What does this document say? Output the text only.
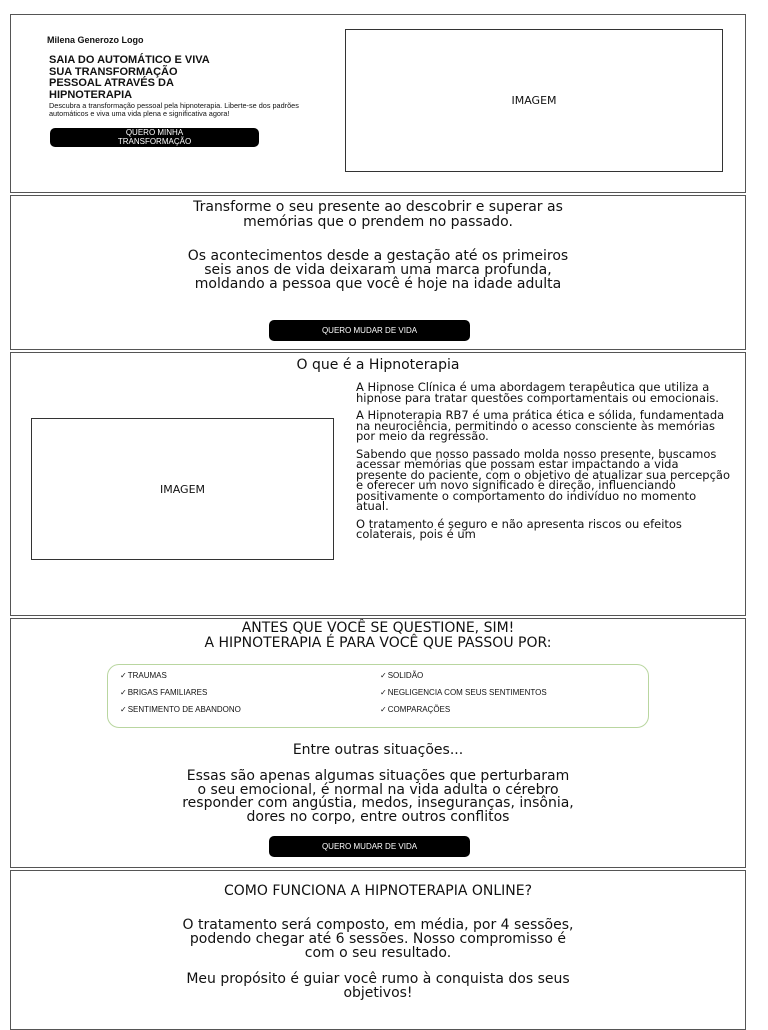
Milena Generozo Logo
SAIA DO AUTOMÁTICO E VIVA
SUA TRANSFORMAÇÃO
PESSOAL ATRAVÉS DA
HIPNOTERAPIA
Descubra a transformação pessoal pela hipnoterapia. Liberte-se dos padrões automáticos e viva uma vida plena e significativa agora!
QUERO MINHA
TRANSFORMAÇÃO
IMAGEM

Transforme o seu presente ao descobrir e superar as
memórias que o prendem no passado.

Os acontecimentos desde a gestação até os primeiros
seis anos de vida deixaram uma marca profunda,
moldando a pessoa que você é hoje na idade adulta

QUERO MUDAR DE VIDA

O que é a Hipnoterapia

IMAGEM

A Hipnose Clínica é uma abordagem terapêutica que utiliza a hipnose para tratar questões comportamentais ou emocionais.

A Hipnoterapia RB7 é uma prática ética e sólida, fundamentada na neurociência, permitindo o acesso consciente às memórias por meio da regressão.

Sabendo que nosso passado molda nosso presente, buscamos acessar memórias que possam estar impactando a vida presente do paciente, com o objetivo de atualizar sua percepção e oferecer um novo significado e direção, influenciando positivamente o comportamento do indivíduo no momento atual.

O tratamento é seguro e não apresenta riscos ou efeitos colaterais, pois é um

ANTES QUE VOCÊ SE QUESTIONE, SIM!
A HIPNOTERAPIA É PARA VOCÊ QUE PASSOU POR:

✓TRAUMAS
✓BRIGAS FAMILIARES
✓SENTIMENTO DE ABANDONO
✓SOLIDÃO
✓NEGLIGENCIA COM SEUS SENTIMENTOS
✓COMPARAÇÕES

Entre outras situações...

Essas são apenas algumas situações que perturbaram
o seu emocional, é normal na vida adulta o cérebro
responder com angústia, medos, inseguranças, insônia,
dores no corpo, entre outros conflitos

QUERO MUDAR DE VIDA

COMO FUNCIONA A HIPNOTERAPIA ONLINE?

O tratamento será composto, em média, por 4 sessões,
podendo chegar até 6 sessões. Nosso compromisso é
com o seu resultado.

Meu propósito é guiar você rumo à conquista dos seus
objetivos!
